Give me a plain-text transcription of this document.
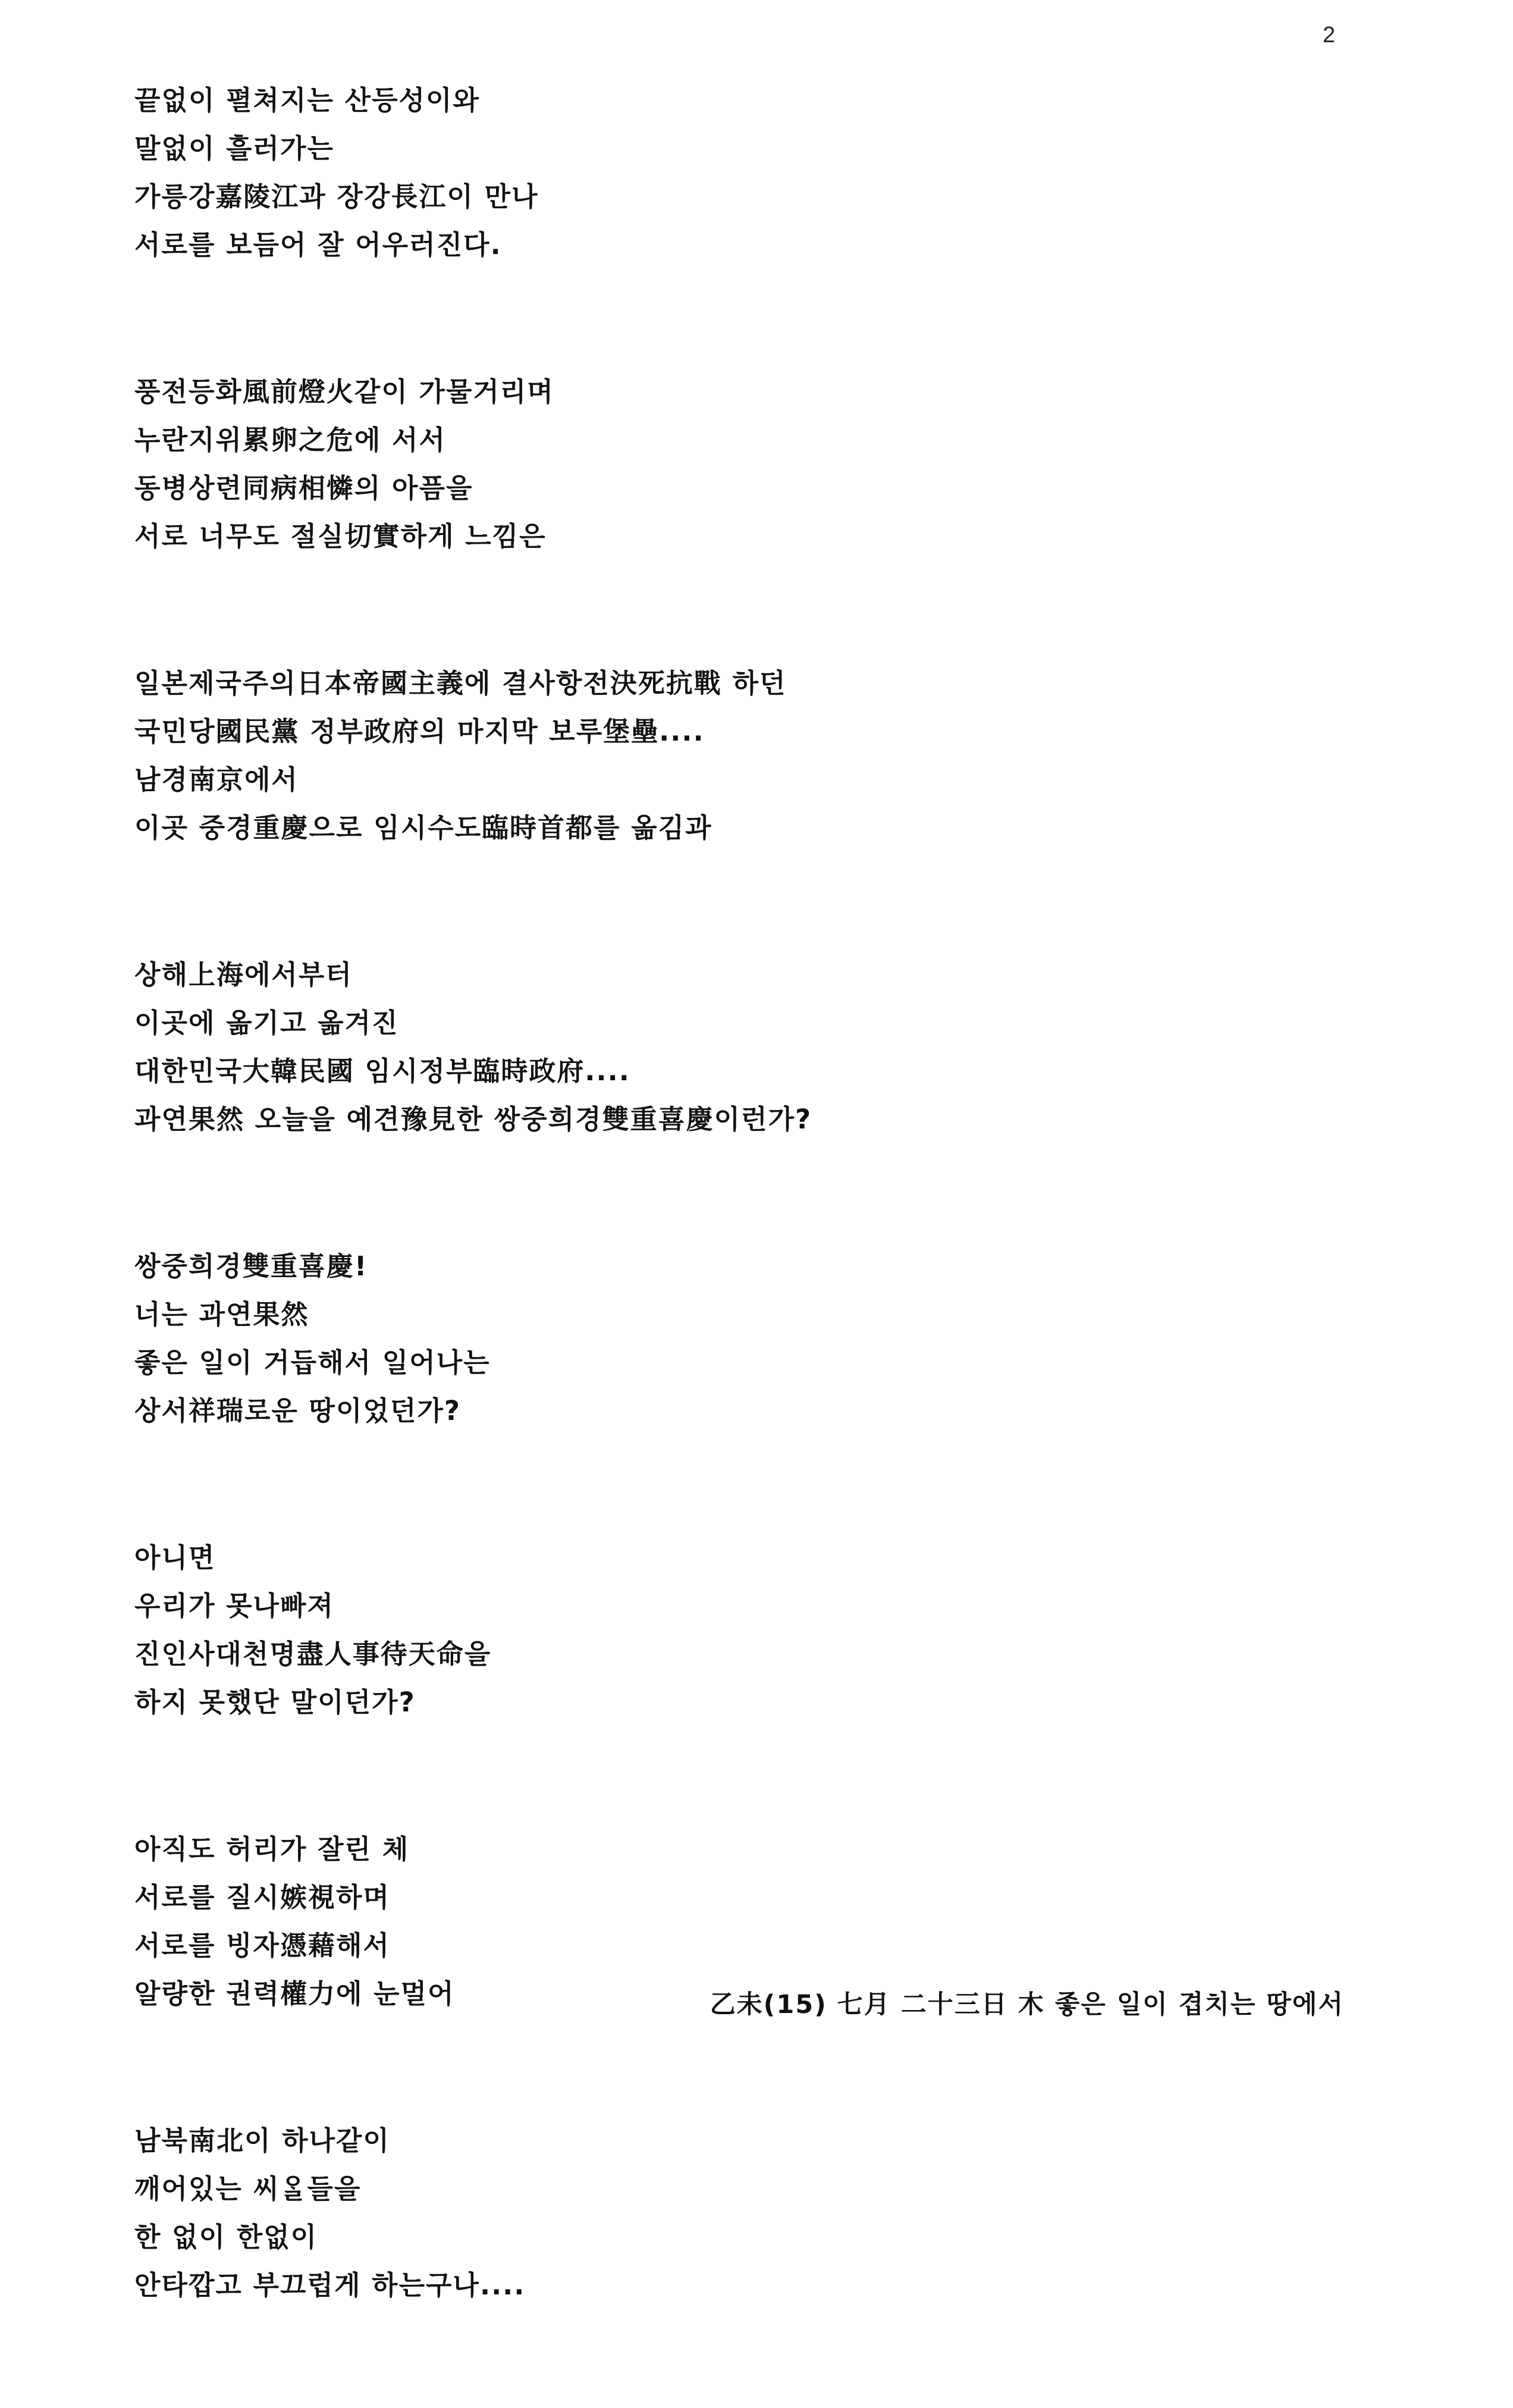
2
끝없이 펼쳐지는 산등성이와
말없이 흘러가는
가릉강嘉陵江과 장강長江이 만나
서로를 보듬어 잘 어우러진다.
풍전등화風前燈火같이 가물거리며
누란지위累卵之危에 서서
동병상련同病相憐의 아픔을
서로 너무도 절실切實하게 느낌은
일본제국주의日本帝國主義에 결사항전決死抗戰 하던
국민당國民黨 정부政府의 마지막 보루堡壘....
남경南京에서
이곳 중경重慶으로 임시수도臨時首都를 옮김과
상해上海에서부터
이곳에 옮기고 옮겨진
대한민국大韓民國 임시정부臨時政府....
과연果然 오늘을 예견豫見한 쌍중희경雙重喜慶이런가?
쌍중희경雙重喜慶!
너는 과연果然
좋은 일이 거듭해서 일어나는
상서祥瑞로운 땅이었던가?
아니면
우리가 못나빠져
진인사대천명盡人事待天命을
하지 못했단 말이던가?
아직도 허리가 잘린 체
서로를 질시嫉視하며
서로를 빙자憑藉해서
알량한 권력權力에 눈멀어
남북南北이 하나같이
깨어있는 씨ᄋᆞᆯ들을
한 없이 한없이
안타깝고 부끄럽게 하는구나....
乙未(15) 七月 二十三日 木 좋은 일이 겹치는 땅에서
